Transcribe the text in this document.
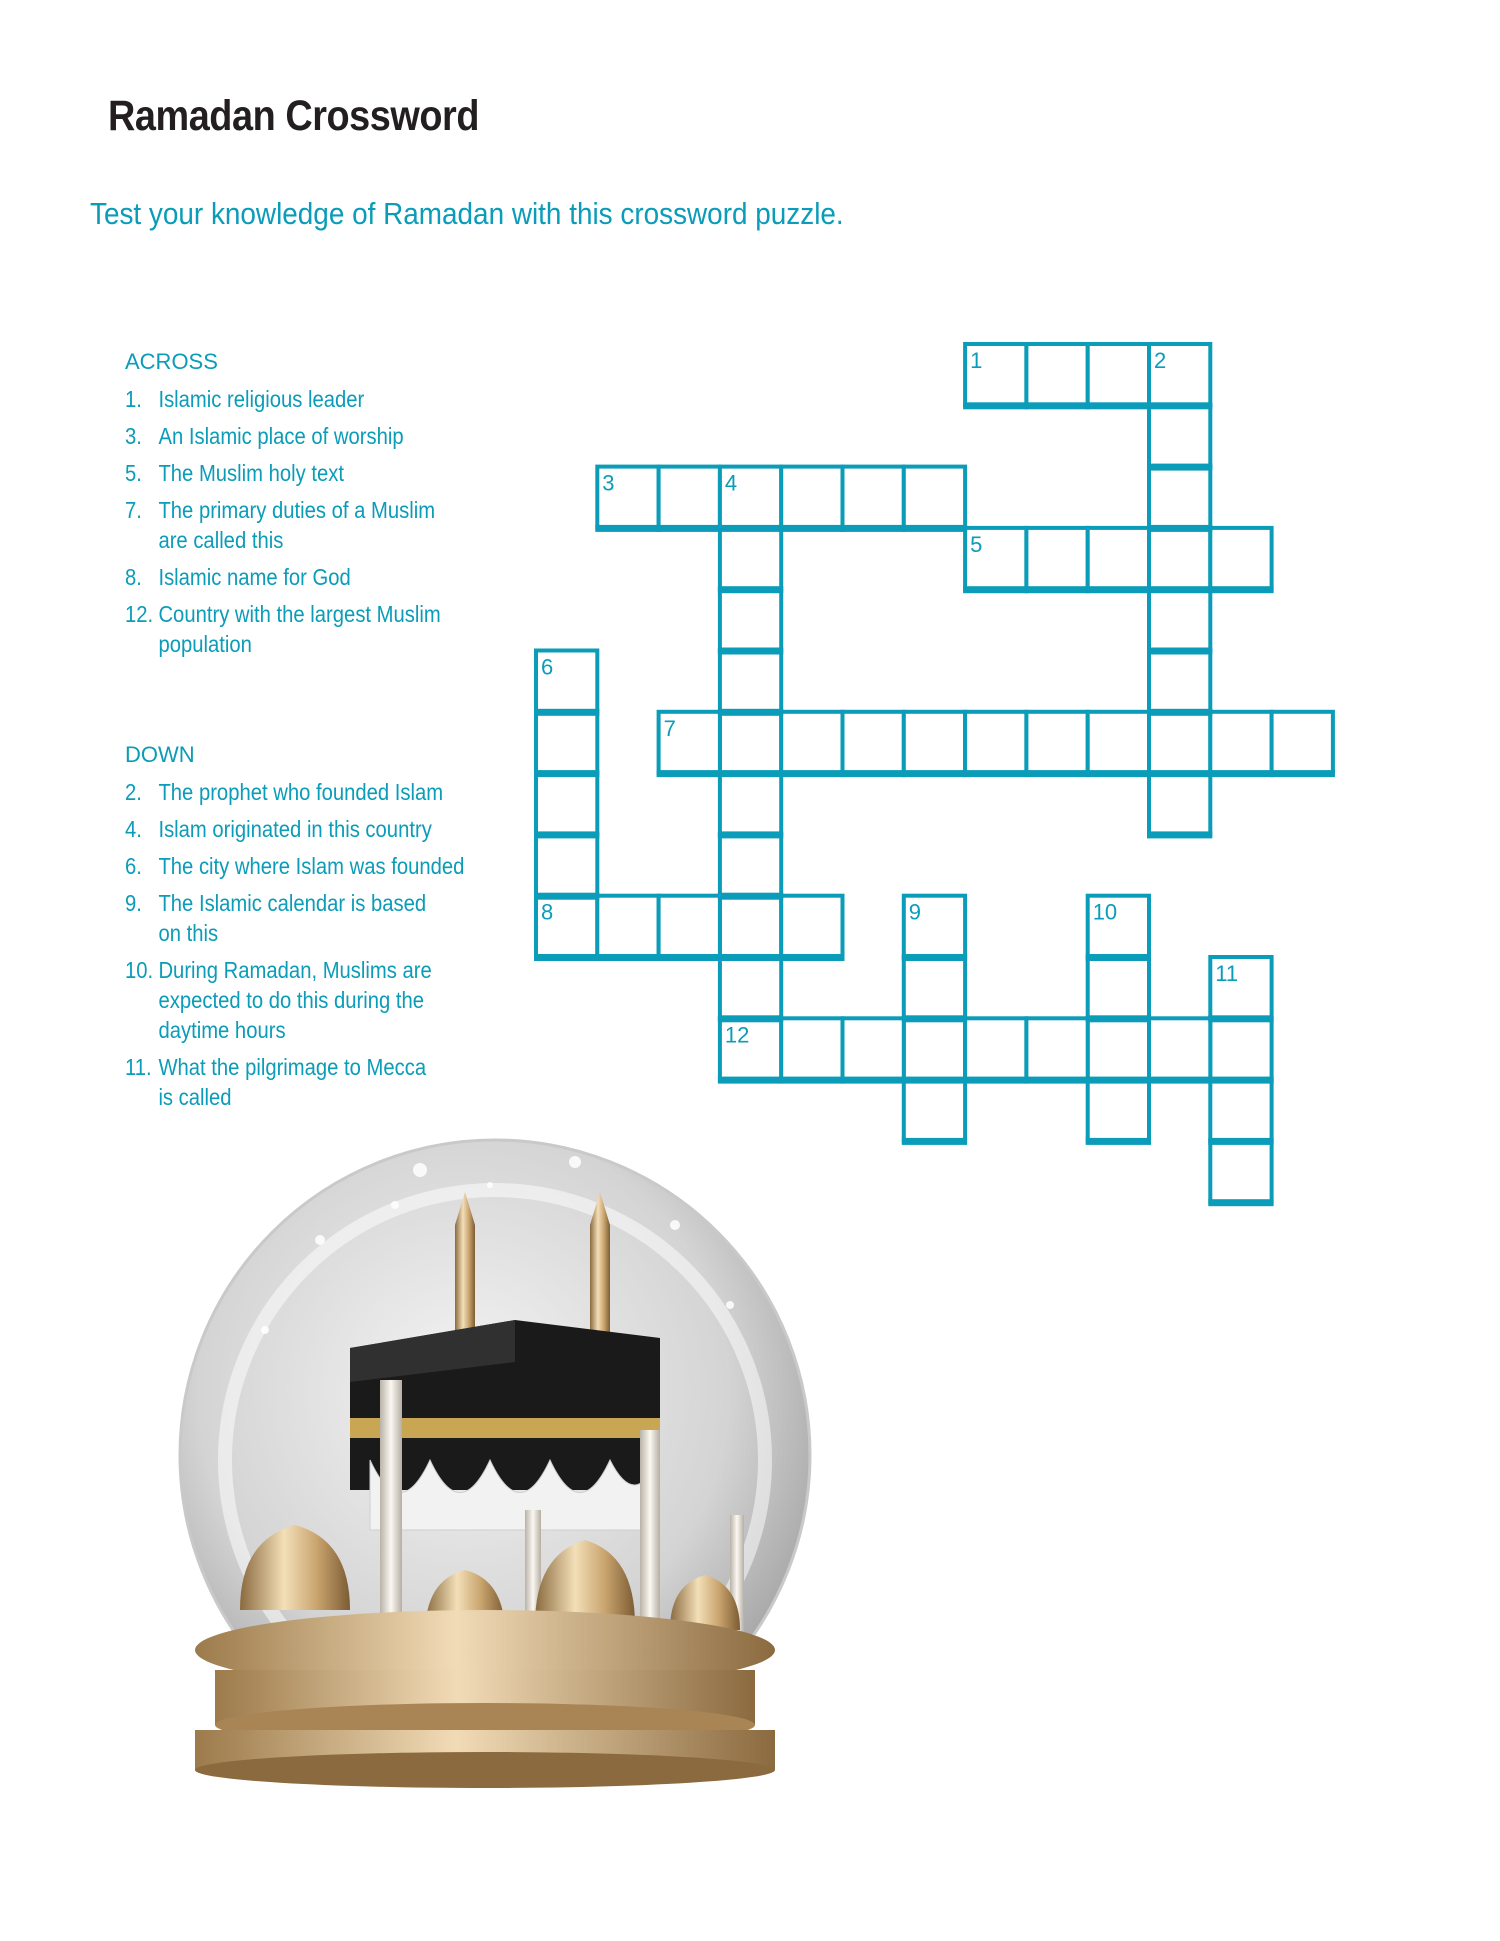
Ramadan Crossword
Test your knowledge of Ramadan with this crossword puzzle.
ACROSS
1. Islamic religious leader
3. An Islamic place of worship
5. The Muslim holy text
7. The primary duties of a Muslim
are called this
8. Islamic name for God
12. Country with the largest Muslim
population
DOWN
2. The prophet who founded Islam
4. Islam originated in this country
6. The city where Islam was founded
9. The Islamic calendar is based
on this
10. During Ramadan, Muslims are
expected to do this during the
daytime hours
11. What the pilgrimage to Mecca
is called
1	2
3	4
5
6
7
8	9	10
11
12
